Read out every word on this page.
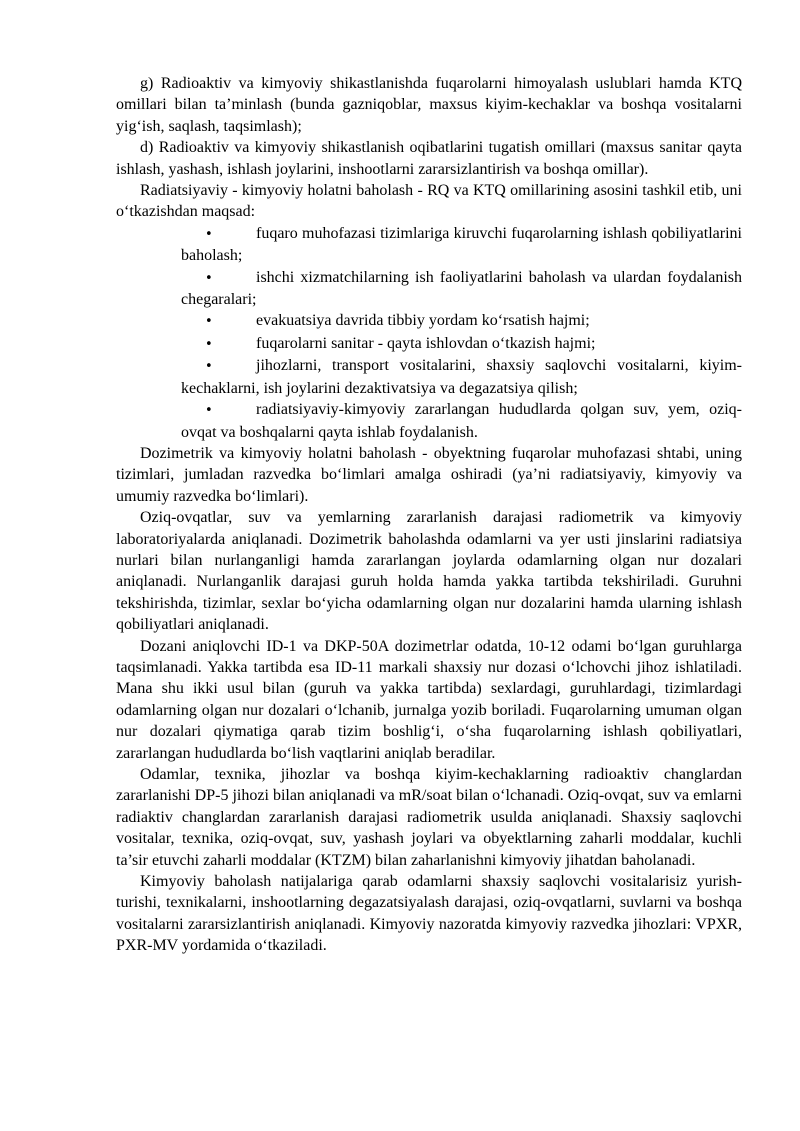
g) Radioaktiv va kimyoviy shikastlanishda fuqarolarni himoyalash uslublari hamda KTQ omillari bilan ta’minlash (bunda gazniqoblar, maxsus kiyim-kechaklar va boshqa vositalarni yig‘ish, saqlash, taqsimlash);

d) Radioaktiv va kimyoviy shikastlanish oqibatlarini tugatish omillari (maxsus sanitar qayta ishlash, yashash, ishlash joylarini, inshootlarni zararsizlantirish va boshqa omillar).

Radiatsiyaviy - kimyoviy holatni baholash - RQ va KTQ omillarining asosini tashkil etib, uni o‘tkazishdan maqsad:

•	fuqaro muhofazasi tizimlariga kiruvchi fuqarolarning ishlash qobiliyatlarini baholash;
•	ishchi xizmatchilarning ish faoliyatlarini baholash va ulardan foydalanish chegaralari;
•	evakuatsiya davrida tibbiy yordam ko‘rsatish hajmi;
•	fuqarolarni sanitar - qayta ishlovdan o‘tkazish hajmi;
•	jihozlarni, transport vositalarini, shaxsiy saqlovchi vositalarni, kiyim-kechaklarni, ish joylarini dezaktivatsiya va degazatsiya qilish;
•	radiatsiyaviy-kimyoviy zararlangan hududlarda qolgan suv, yem, oziq-ovqat va boshqalarni qayta ishlab foydalanish.

Dozimetrik va kimyoviy holatni baholash - obyektning fuqarolar muhofazasi shtabi, uning tizimlari, jumladan razvedka bo‘limlari amalga oshiradi (ya’ni radiatsiyaviy, kimyoviy va umumiy razvedka bo‘limlari).

Oziq-ovqatlar, suv va yemlarning zararlanish darajasi radiometrik va kimyoviy laboratoriyalarda aniqlanadi. Dozimetrik baholashda odamlarni va yer usti jinslarini radiatsiya nurlari bilan nurlanganligi hamda zararlangan joylarda odamlarning olgan nur dozalari aniqlanadi. Nurlanganlik darajasi guruh holda hamda yakka tartibda tekshiriladi. Guruhni tekshirishda, tizimlar, sexlar bo‘yicha odamlarning olgan nur dozalarini hamda ularning ishlash qobiliyatlari aniqlanadi.

Dozani aniqlovchi ID-1 va DKP-50A dozimetrlar odatda, 10-12 odami bo‘lgan guruhlarga taqsimlanadi. Yakka tartibda esa ID-11 markali shaxsiy nur dozasi o‘lchovchi jihoz ishlatiladi. Mana shu ikki usul bilan (guruh va yakka tartibda) sexlardagi, guruhlardagi, tizimlardagi odamlarning olgan nur dozalari o‘lchanib, jurnalga yozib boriladi. Fuqarolarning umuman olgan nur dozalari qiymatiga qarab tizim boshlig‘i, o‘sha fuqarolarning ishlash qobiliyatlari, zararlangan hududlarda bo‘lish vaqtlarini aniqlab beradilar.

Odamlar, texnika, jihozlar va boshqa kiyim-kechaklarning radioaktiv changlardan zararlanishi DP-5 jihozi bilan aniqlanadi va mR/soat bilan o‘lchanadi. Oziq-ovqat, suv va emlarni radiaktiv changlardan zararlanish darajasi radiometrik usulda aniqlanadi. Shaxsiy saqlovchi vositalar, texnika, oziq-ovqat, suv, yashash joylari va obyektlarning zaharli moddalar, kuchli ta’sir etuvchi zaharli moddalar (KTZM) bilan zaharlanishni kimyoviy jihatdan baholanadi.

Kimyoviy baholash natijalariga qarab odamlarni shaxsiy saqlovchi vositalarisiz yurish-turishi, texnikalarni, inshootlarning degazatsiyalash darajasi, oziq-ovqatlarni, suvlarni va boshqa vositalarni zararsizlantirish aniqlanadi. Kimyoviy nazoratda kimyoviy razvedka jihozlari: VPXR, PXR-MV yordamida o‘tkaziladi.
